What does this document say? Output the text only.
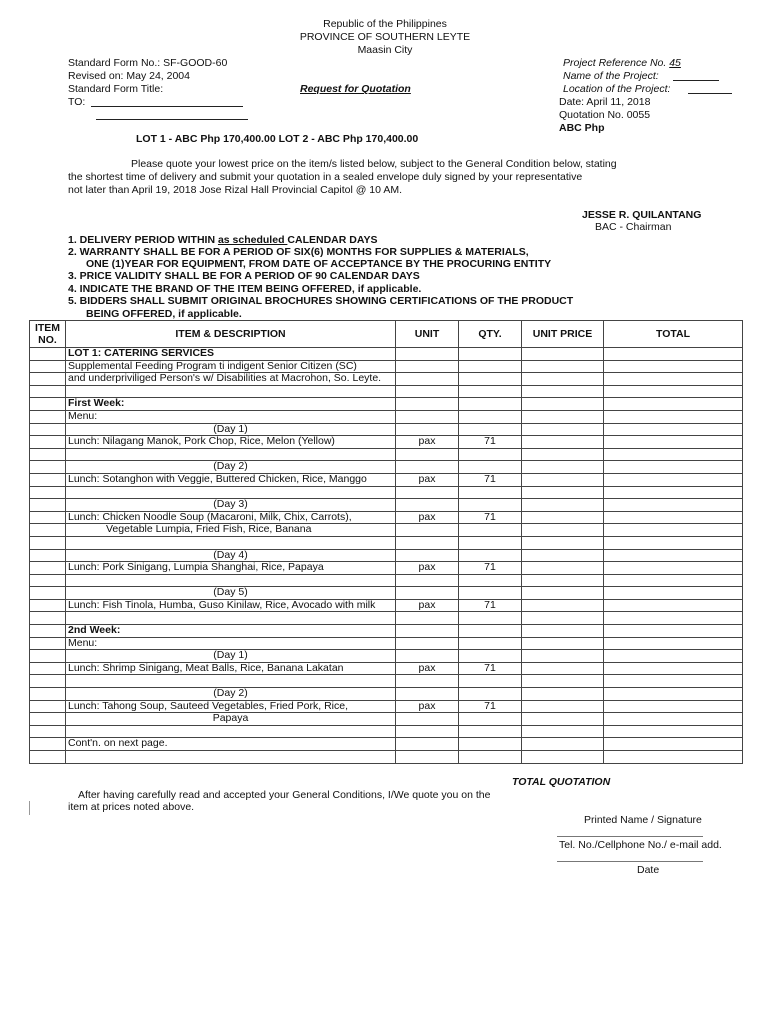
Republic of the Philippines
PROVINCE OF SOUTHERN LEYTE
Maasin City
Standard Form No.: SF-GOOD-60
Revised on: May 24, 2004
Standard Form Title:
TO:
Request for Quotation
Project Reference No. 45
Name of the Project:
Location of the Project:
Date: April 11, 2018
Quotation No. 0055
ABC Php
LOT 1 - ABC Php 170,400.00 LOT 2 - ABC Php 170,400.00
Please quote your lowest price on the item/s listed below, subject to the General Condition below, stating
the shortest time of delivery and submit your quotation in a sealed envelope duly signed by your representative
not later than April 19, 2018 Jose Rizal Hall Provincial Capitol @ 10 AM.
JESSE R. QUILANTANG
BAC - Chairman
1. DELIVERY PERIOD WITHIN as scheduled CALENDAR DAYS
2. WARRANTY SHALL BE FOR A PERIOD OF SIX(6) MONTHS FOR SUPPLIES & MATERIALS,
ONE (1)YEAR FOR EQUIPMENT, FROM DATE OF ACCEPTANCE BY THE PROCURING ENTITY
3. PRICE VALIDITY SHALL BE FOR A PERIOD OF 90 CALENDAR DAYS
4. INDICATE THE BRAND OF THE ITEM BEING OFFERED, if applicable.
5. BIDDERS SHALL SUBMIT ORIGINAL BROCHURES SHOWING CERTIFICATIONS OF THE PRODUCT
BEING OFFERED, if applicable.
ITEM NO.	ITEM & DESCRIPTION	UNIT	QTY.	UNIT PRICE	TOTAL
	LOT 1: CATERING SERVICES				
	Supplemental Feeding Program ti indigent Senior Citizen (SC)				
	and underpriviliged Person's w/ Disabilities at Macrohon, So. Leyte.				

	First Week:				
	Menu:				
	(Day 1)				
	Lunch: Nilagang Manok, Pork Chop, Rice, Melon (Yellow)	pax	71		

	(Day 2)				
	Lunch: Sotanghon with Veggie, Buttered Chicken, Rice, Manggo	pax	71		

	(Day 3)				
	Lunch: Chicken Noodle Soup (Macaroni, Milk, Chix, Carrots),	pax	71		
	Vegetable Lumpia, Fried Fish, Rice, Banana				

	(Day 4)				
	Lunch: Pork Sinigang, Lumpia Shanghai, Rice, Papaya	pax	71		

	(Day 5)				
	Lunch: Fish Tinola, Humba, Guso Kinilaw, Rice, Avocado with milk	pax	71		

	2nd Week:				
	Menu:				
	(Day 1)				
	Lunch: Shrimp Sinigang, Meat Balls, Rice, Banana Lakatan	pax	71		

	(Day 2)				
	Lunch: Tahong Soup, Sauteed Vegetables, Fried Pork, Rice,	pax	71		
	Papaya				

	Cont'n. on next page.				

TOTAL QUOTATION
After having carefully read and accepted your General Conditions, I/We quote you on the
item at prices noted above.
Printed Name / Signature
Tel. No./Cellphone No./ e-mail add.
Date
